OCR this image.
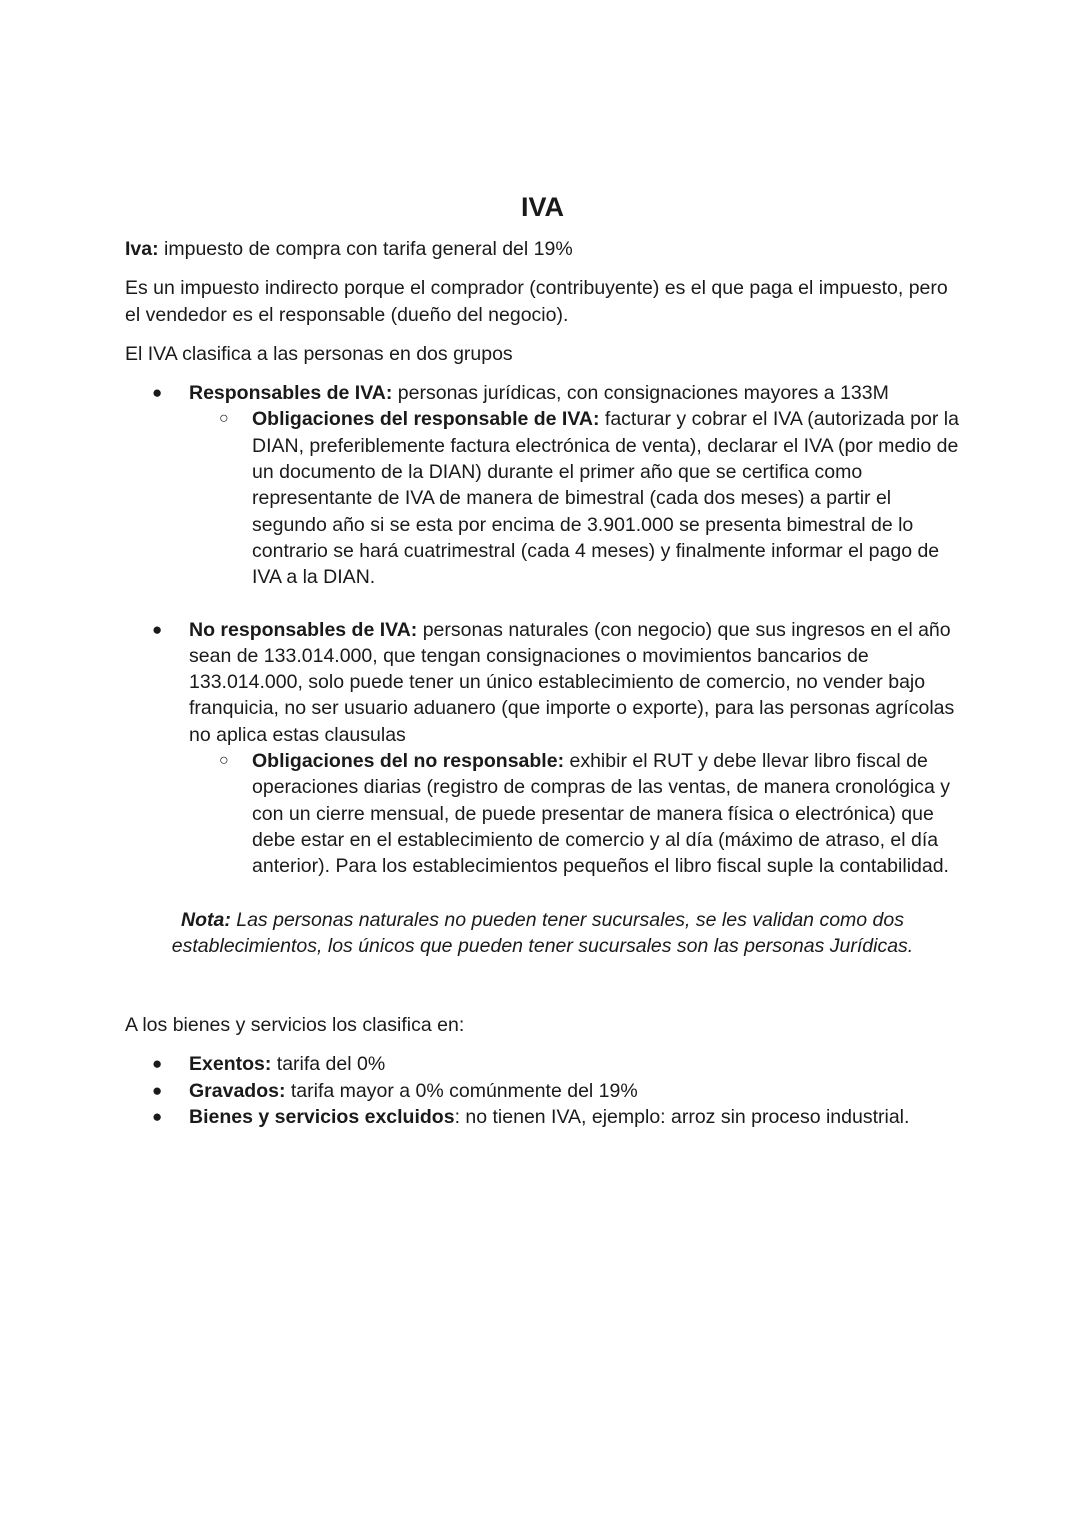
IVA

Iva: impuesto de compra con tarifa general del 19%

Es un impuesto indirecto porque el comprador (contribuyente) es el que paga el impuesto, pero el vendedor es el responsable (dueño del negocio).

El IVA clasifica a las personas en dos grupos

● Responsables de IVA: personas jurídicas, con consignaciones mayores a 133M
○ Obligaciones del responsable de IVA: facturar y cobrar el IVA (autorizada por la DIAN, preferiblemente factura electrónica de venta), declarar el IVA (por medio de un documento de la DIAN) durante el primer año que se certifica como representante de IVA de manera de bimestral (cada dos meses) a partir el segundo año si se esta por encima de 3.901.000 se presenta bimestral de lo contrario se hará cuatrimestral (cada 4 meses) y finalmente informar el pago de IVA a la DIAN.
● No responsables de IVA: personas naturales (con negocio) que sus ingresos en el año sean de 133.014.000, que tengan consignaciones o movimientos bancarios de 133.014.000, solo puede tener un único establecimiento de comercio, no vender bajo franquicia, no ser usuario aduanero (que importe o exporte), para las personas agrícolas no aplica estas clausulas
○ Obligaciones del no responsable: exhibir el RUT y debe llevar libro fiscal de operaciones diarias (registro de compras de las ventas, de manera cronológica y con un cierre mensual, de puede presentar de manera física o electrónica) que debe estar en el establecimiento de comercio y al día (máximo de atraso, el día anterior). Para los establecimientos pequeños el libro fiscal suple la contabilidad.

Nota: Las personas naturales no pueden tener sucursales, se les validan como dos establecimientos, los únicos que pueden tener sucursales son las personas Jurídicas.

A los bienes y servicios los clasifica en:

● Exentos: tarifa del 0%
● Gravados: tarifa mayor a 0% comúnmente del 19%
● Bienes y servicios excluidos: no tienen IVA, ejemplo: arroz sin proceso industrial.
